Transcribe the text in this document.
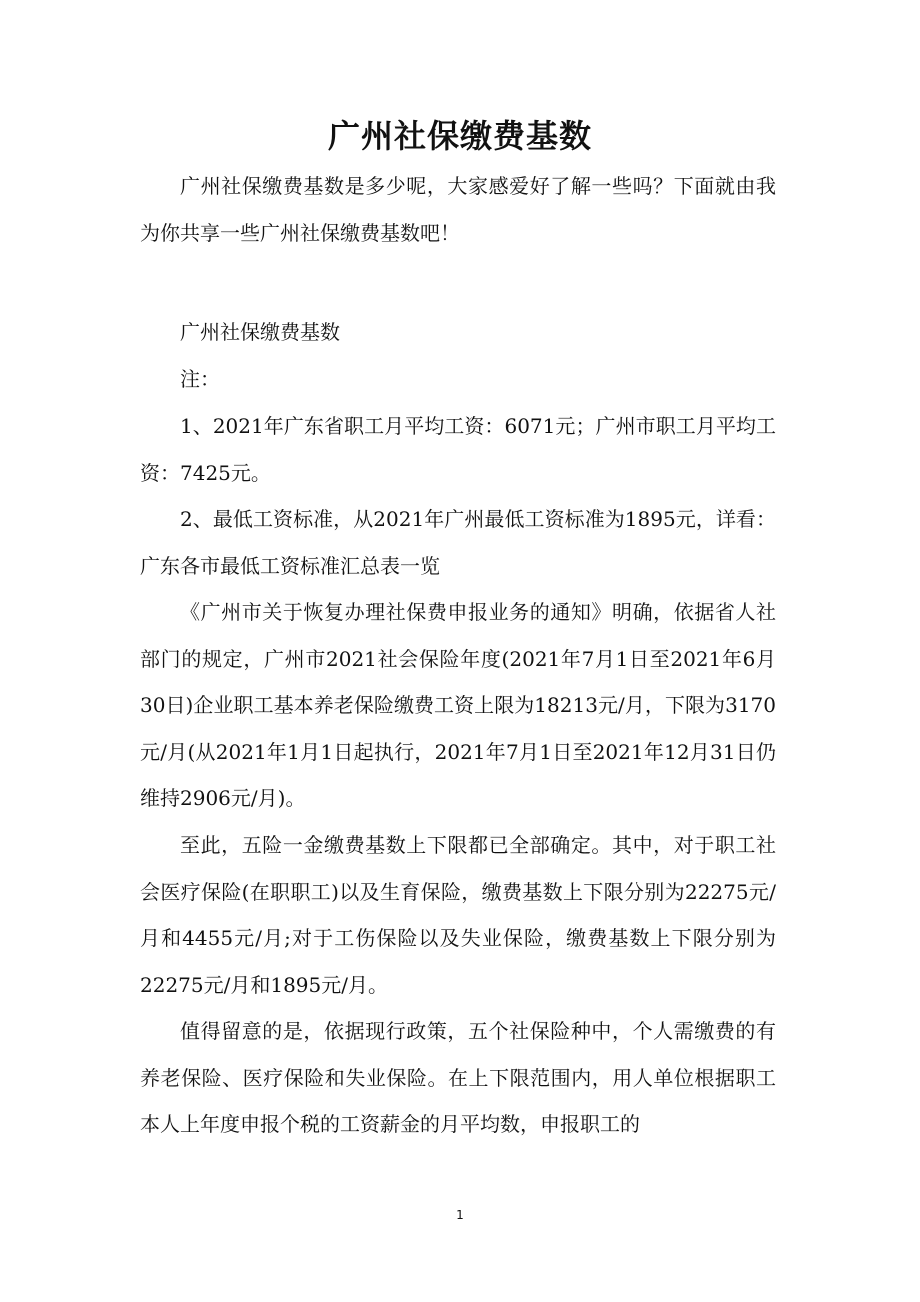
广州社保缴费基数

广州社保缴费基数是多少呢，大家感爱好了解一些吗？下面就由我为你共享一些广州社保缴费基数吧！

广州社保缴费基数

注：

1、2021年广东省职工月平均工资：6071元；广州市职工月平均工资：7425元。

2、最低工资标准，从2021年广州最低工资标准为1895元，详看：广东各市最低工资标准汇总表一览

《广州市关于恢复办理社保费申报业务的通知》明确，依据省人社部门的规定，广州市2021社会保险年度(2021年7月1日至2021年6月30日)企业职工基本养老保险缴费工资上限为18213元/月，下限为3170元/月(从2021年1月1日起执行，2021年7月1日至2021年12月31日仍维持2906元/月)。

至此，五险一金缴费基数上下限都已全部确定。其中，对于职工社会医疗保险(在职职工)以及生育保险，缴费基数上下限分别为22275元/月和4455元/月;对于工伤保险以及失业保险，缴费基数上下限分别为22275元/月和1895元/月。

值得留意的是，依据现行政策，五个社保险种中，个人需缴费的有养老保险、医疗保险和失业保险。在上下限范围内，用人单位根据职工本人上年度申报个税的工资薪金的月平均数，申报职工的

1
